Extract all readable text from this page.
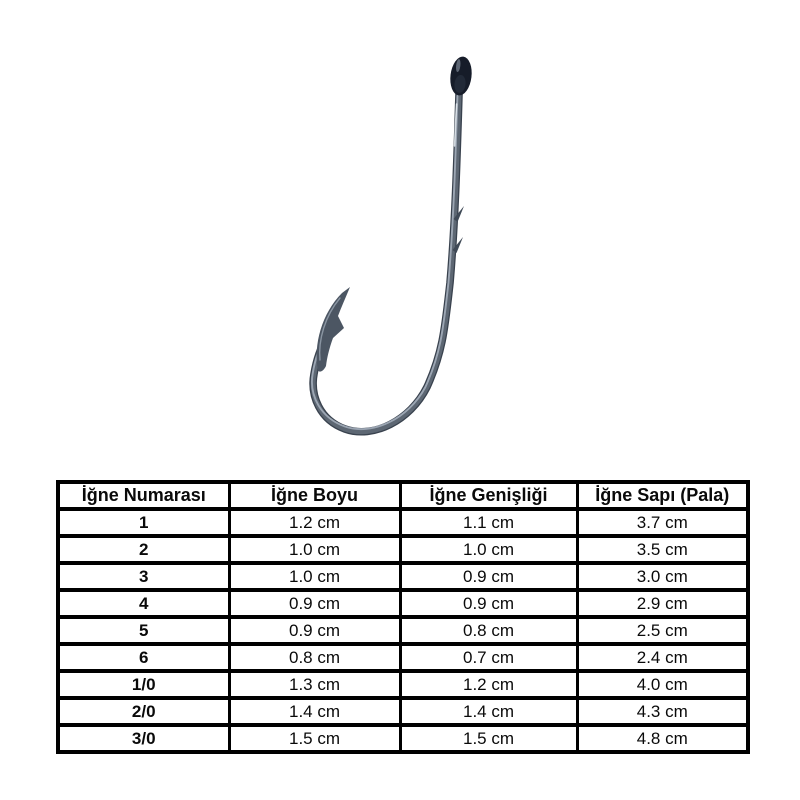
İğne Numarası	İğne Boyu	İğne Genişliği	İğne Sapı (Pala)
1	1.2 cm	1.1 cm	3.7 cm
2	1.0 cm	1.0 cm	3.5 cm
3	1.0 cm	0.9 cm	3.0 cm
4	0.9 cm	0.9 cm	2.9 cm
5	0.9 cm	0.8 cm	2.5 cm
6	0.8 cm	0.7 cm	2.4 cm
1/0	1.3 cm	1.2 cm	4.0 cm
2/0	1.4 cm	1.4 cm	4.3 cm
3/0	1.5 cm	1.5 cm	4.8 cm
